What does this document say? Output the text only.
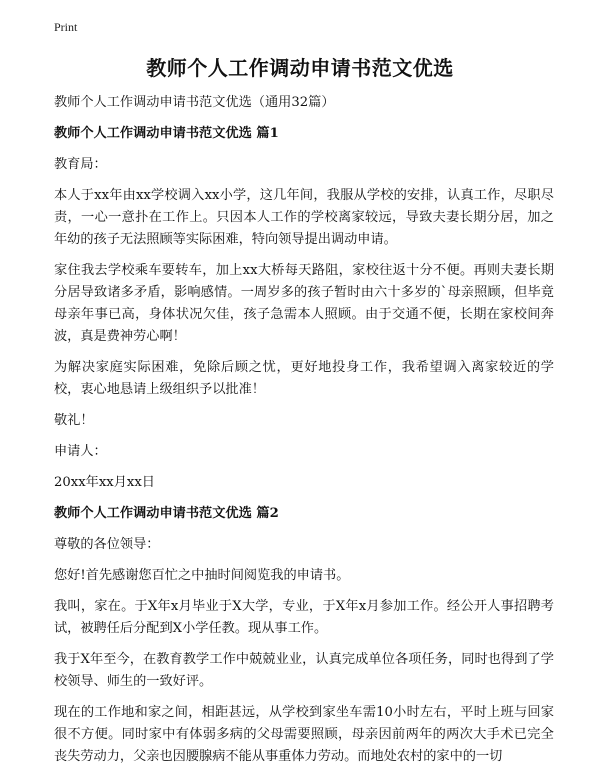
Print
教师个人工作调动申请书范文优选

教师个人工作调动申请书范文优选（通用32篇）

教师个人工作调动申请书范文优选 篇1

教育局：

本人于xx年由xx学校调入xx小学，这几年间，我服从学校的安排，认真工作，尽职尽责，一心一意扑在工作上。只因本人工作的学校离家较远，导致夫妻长期分居，加之年幼的孩子无法照顾等实际困难，特向领导提出调动申请。

家住我去学校乘车要转车，加上xx大桥每天路阻，家校往返十分不便。再则夫妻长期分居导致诸多矛盾，影响感情。一周岁多的孩子暂时由六十多岁的`母亲照顾，但毕竟母亲年事已高，身体状况欠佳，孩子急需本人照顾。由于交通不便，长期在家校间奔波，真是费神劳心啊！

为解决家庭实际困难，免除后顾之忧，更好地投身工作，我希望调入离家较近的学校，衷心地恳请上级组织予以批准！

敬礼！

申请人：

20xx年xx月xx日

教师个人工作调动申请书范文优选 篇2

尊敬的各位领导：

您好!首先感谢您百忙之中抽时间阅览我的申请书。

我叫，家在。于X年x月毕业于X大学，专业，于X年x月参加工作。经公开人事招聘考试，被聘任后分配到X小学任教。现从事工作。

我于X年至今，在教育教学工作中兢兢业业，认真完成单位各项任务，同时也得到了学校领导、师生的一致好评。

现在的工作地和家之间，相距甚远，从学校到家坐车需10小时左右，平时上班与回家很不方便。同时家中有体弱多病的父母需要照顾，母亲因前两年的两次大手术已完全丧失劳动力，父亲也因腰腺病不能从事重体力劳动。而地处农村的家中的一切
